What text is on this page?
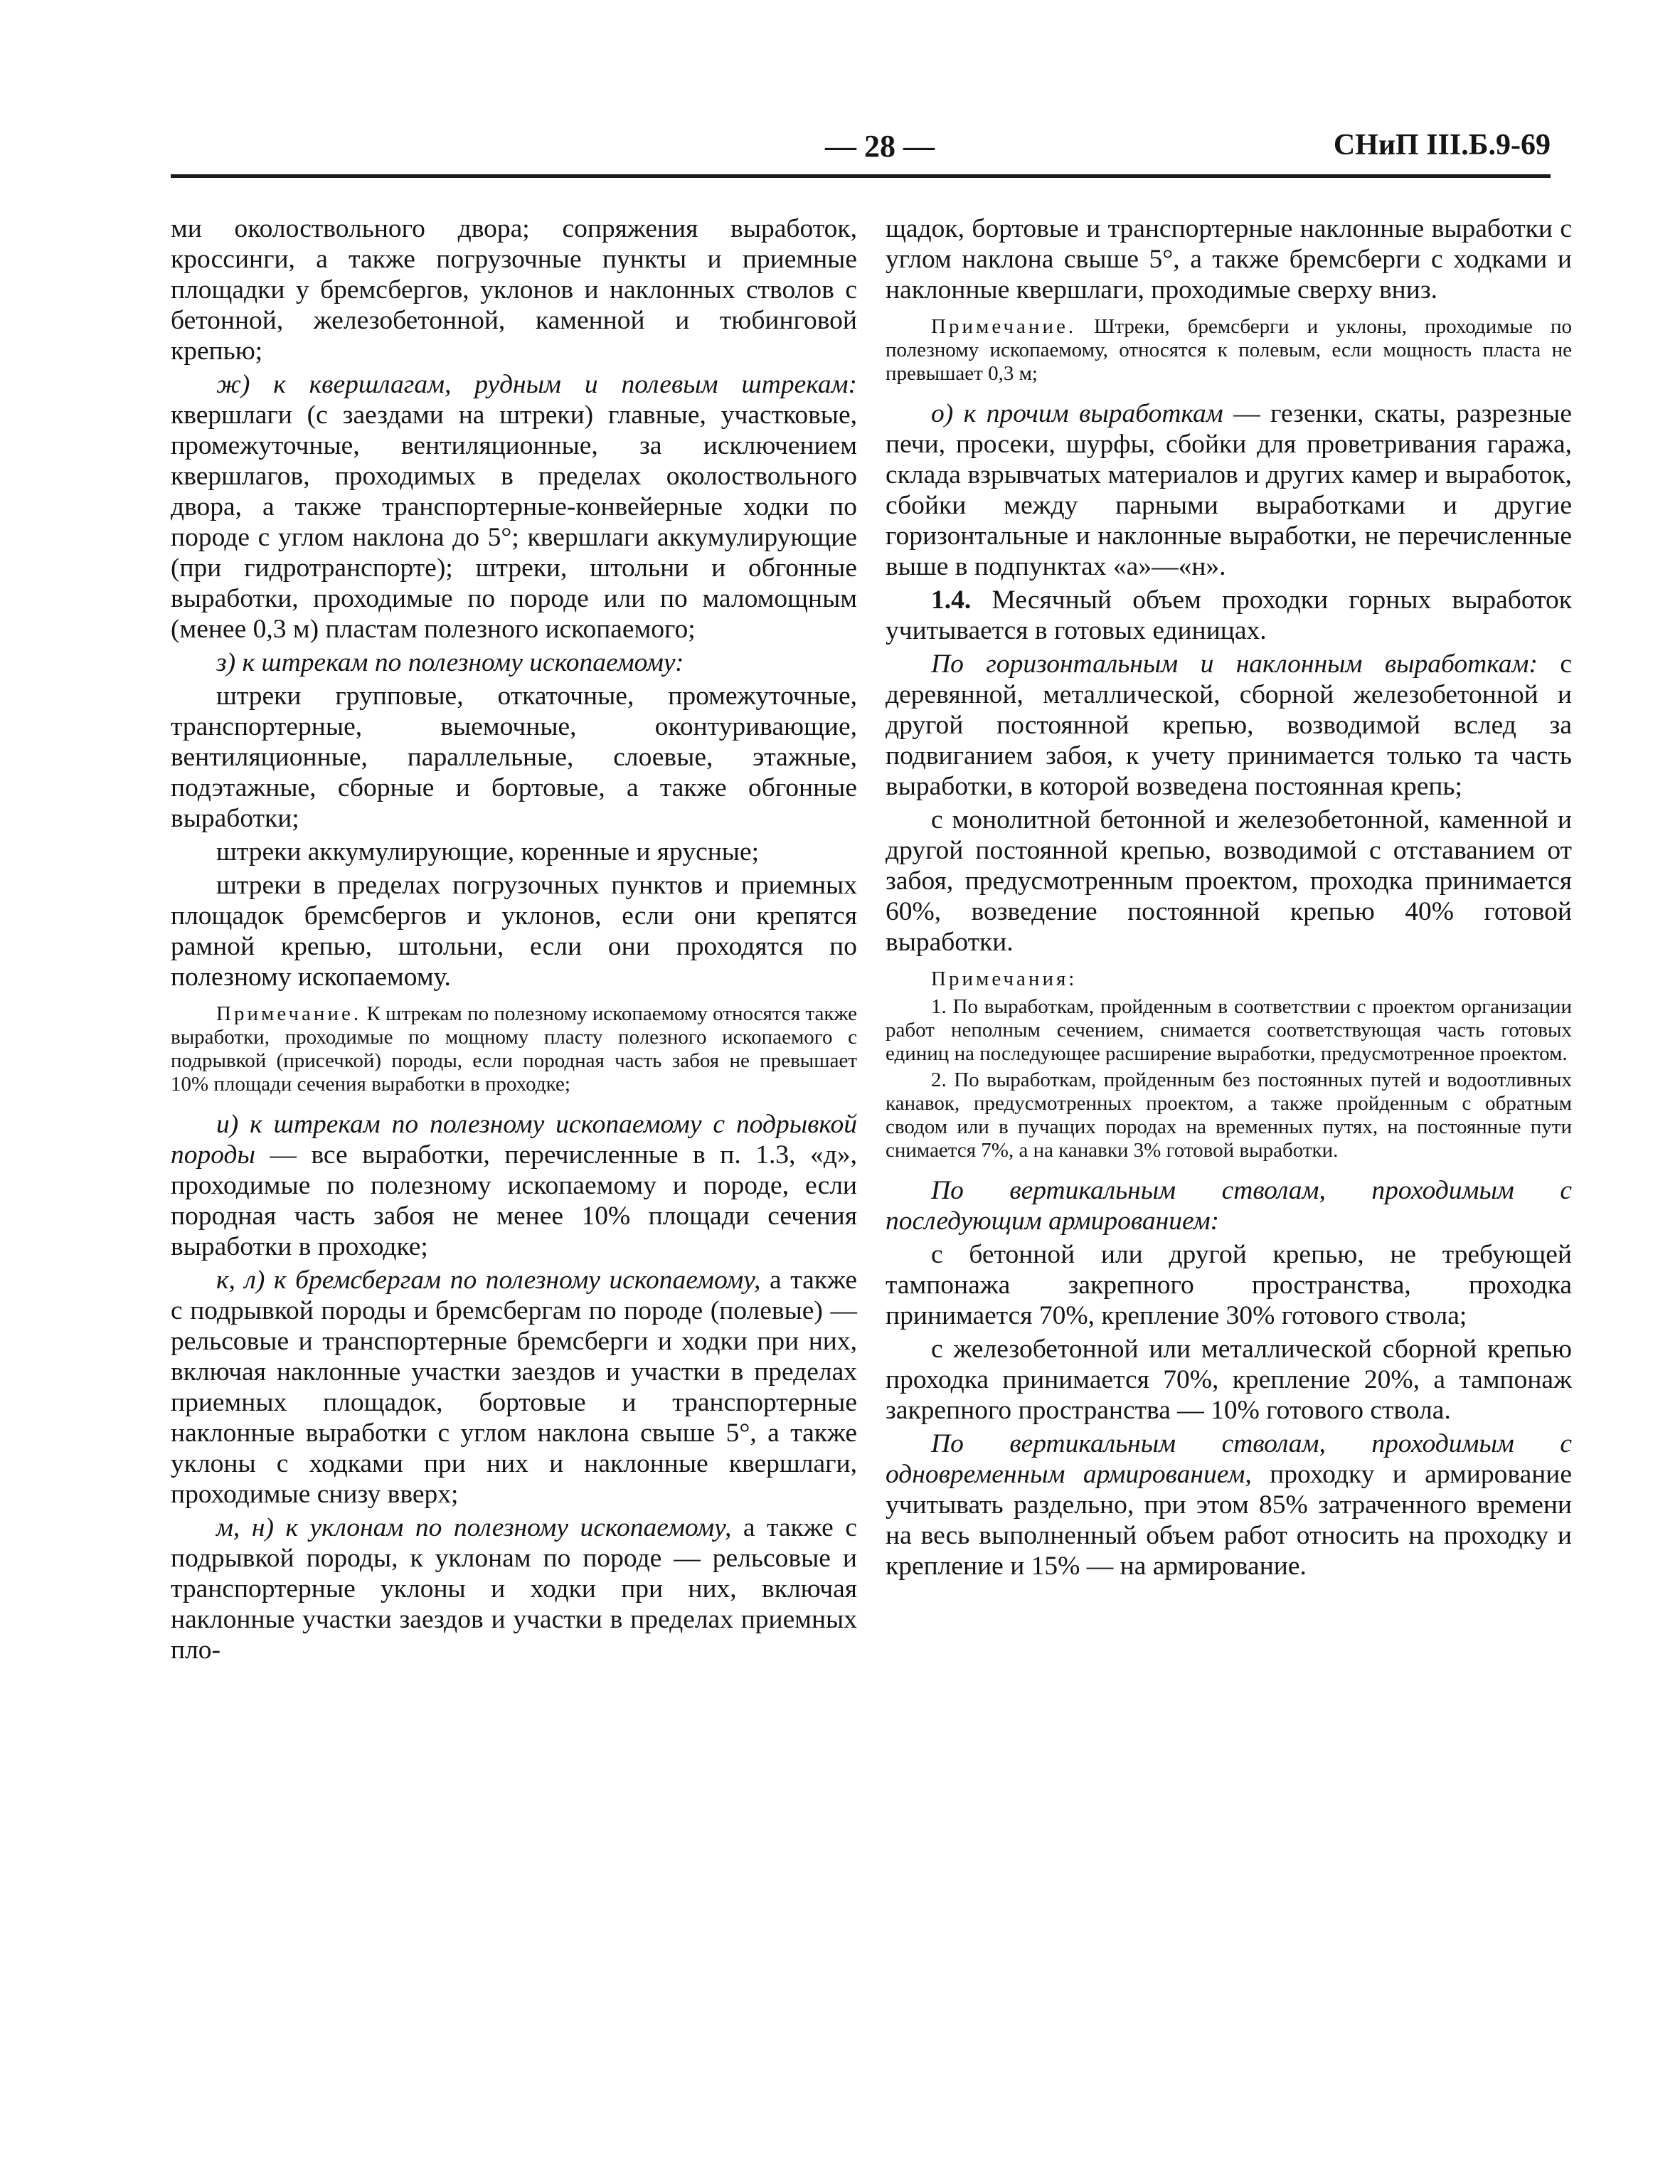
— 28 —	СНиП III.Б.9-69

ми околоствольного двора; сопряжения выработок, кроссинги, а также погрузочные пункты и приемные площадки у бремсбергов, уклонов и наклонных стволов с бетонной, железобетонной, каменной и тюбинговой крепью;

ж) к квершлагам, рудным и полевым штрекам: квершлаги (с заездами на штреки) главные, участковые, промежуточные, вентиляционные, за исключением квершлагов, проходимых в пределах околоствольного двора, а также транспортерные-конвейерные ходки по породе с углом наклона до 5°; квершлаги аккумулирующие (при гидротранспорте); штреки, штольни и обгонные выработки, проходимые по породе или по маломощным (менее 0,3 м) пластам полезного ископаемого;

з) к штрекам по полезному ископаемому:

штреки групповые, откаточные, промежуточные, транспортерные, выемочные, оконтуривающие, вентиляционные, параллельные, слоевые, этажные, подэтажные, сборные и бортовые, а также обгонные выработки;

штреки аккумулирующие, коренные и ярусные;

штреки в пределах погрузочных пунктов и приемных площадок бремсбергов и уклонов, если они крепятся рамной крепью, штольни, если они проходятся по полезному ископаемому.

Примечание. К штрекам по полезному ископаемому относятся также выработки, проходимые по мощному пласту полезного ископаемого с подрывкой (присечкой) породы, если породная часть забоя не превышает 10% площади сечения выработки в проходке;

и) к штрекам по полезному ископаемому с подрывкой породы — все выработки, перечисленные в п. 1.3, «д», проходимые по полезному ископаемому и породе, если породная часть забоя не менее 10% площади сечения выработки в проходке;

к, л) к бремсбергам по полезному ископаемому, а также с подрывкой породы и бремсбергам по породе (полевые) — рельсовые и транспортерные бремсберги и ходки при них, включая наклонные участки заездов и участки в пределах приемных площадок, бортовые и транспортерные наклонные выработки с углом наклона свыше 5°, а также уклоны с ходками при них и наклонные квершлаги, проходимые снизу вверх;

м, н) к уклонам по полезному ископаемому, а также с подрывкой породы, к уклонам по породе — рельсовые и транспортерные уклоны и ходки при них, включая наклонные участки заездов и участки в пределах приемных пло-

щадок, бортовые и транспортерные наклонные выработки с углом наклона свыше 5°, а также бремсберги с ходками и наклонные квершлаги, проходимые сверху вниз.

Примечание. Штреки, бремсберги и уклоны, проходимые по полезному ископаемому, относятся к полевым, если мощность пласта не превышает 0,3 м;

о) к прочим выработкам — гезенки, скаты, разрезные печи, просеки, шурфы, сбойки для проветривания гаража, склада взрывчатых материалов и других камер и выработок, сбойки между парными выработками и другие горизонтальные и наклонные выработки, не перечисленные выше в подпунктах «а»—«н».

1.4. Месячный объем проходки горных выработок учитывается в готовых единицах.

По горизонтальным и наклонным выработкам: с деревянной, металлической, сборной железобетонной и другой постоянной крепью, возводимой вслед за подвиганием забоя, к учету принимается только та часть выработки, в которой возведена постоянная крепь;

с монолитной бетонной и железобетонной, каменной и другой постоянной крепью, возводимой с отставанием от забоя, предусмотренным проектом, проходка принимается 60%, возведение постоянной крепью 40% готовой выработки.

Примечания:

1. По выработкам, пройденным в соответствии с проектом организации работ неполным сечением, снимается соответствующая часть готовых единиц на последующее расширение выработки, предусмотренное проектом.

2. По выработкам, пройденным без постоянных путей и водоотливных канавок, предусмотренных проектом, а также пройденным с обратным сводом или в пучащих породах на временных путях, на постоянные пути снимается 7%, а на канавки 3% готовой выработки.

По вертикальным стволам, проходимым с последующим армированием:

с бетонной или другой крепью, не требующей тампонажа закрепного пространства, проходка принимается 70%, крепление 30% готового ствола;

с железобетонной или металлической сборной крепью проходка принимается 70%, крепление 20%, а тампонаж закрепного пространства — 10% готового ствола.

По вертикальным стволам, проходимым с одновременным армированием, проходку и армирование учитывать раздельно, при этом 85% затраченного времени на весь выполненный объем работ относить на проходку и крепление и 15% — на армирование.
